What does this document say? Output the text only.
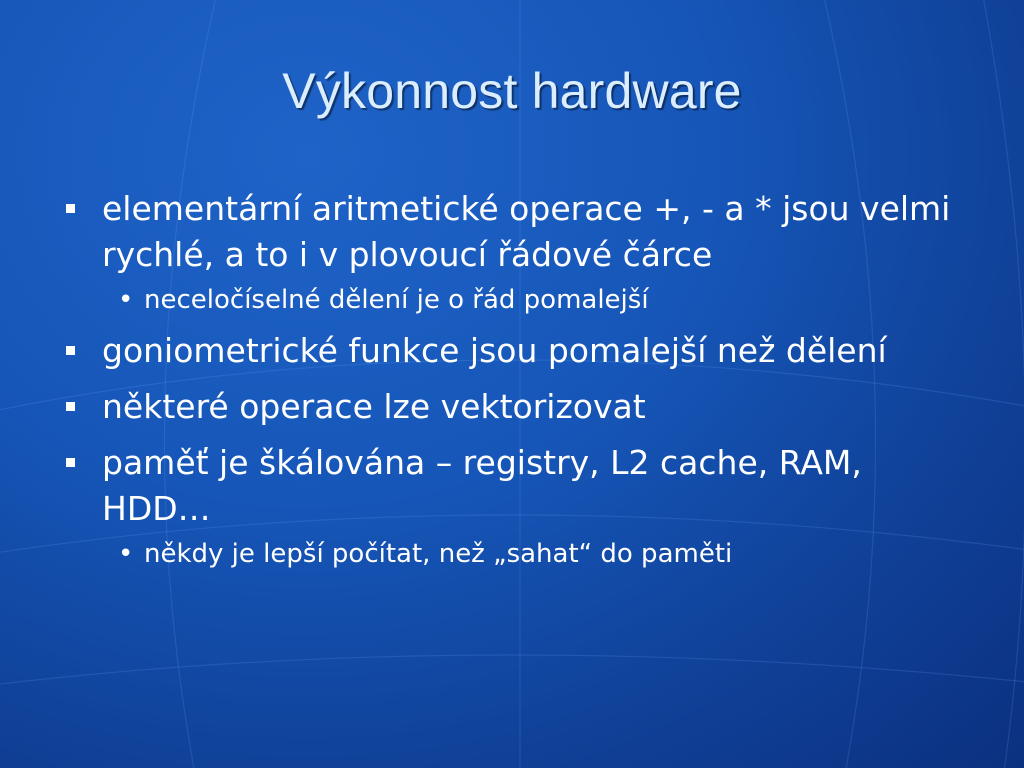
Výkonnost hardware
elementární aritmetické operace +, - a * jsou velmi rychlé, a to i v plovoucí řádové čárce
• neceločíselné dělení je o řád pomalejší
goniometrické funkce jsou pomalejší než dělení
některé operace lze vektorizovat
paměť je škálována – registry, L2 cache, RAM, HDD…
• někdy je lepší počítat, než „sahat“ do paměti
